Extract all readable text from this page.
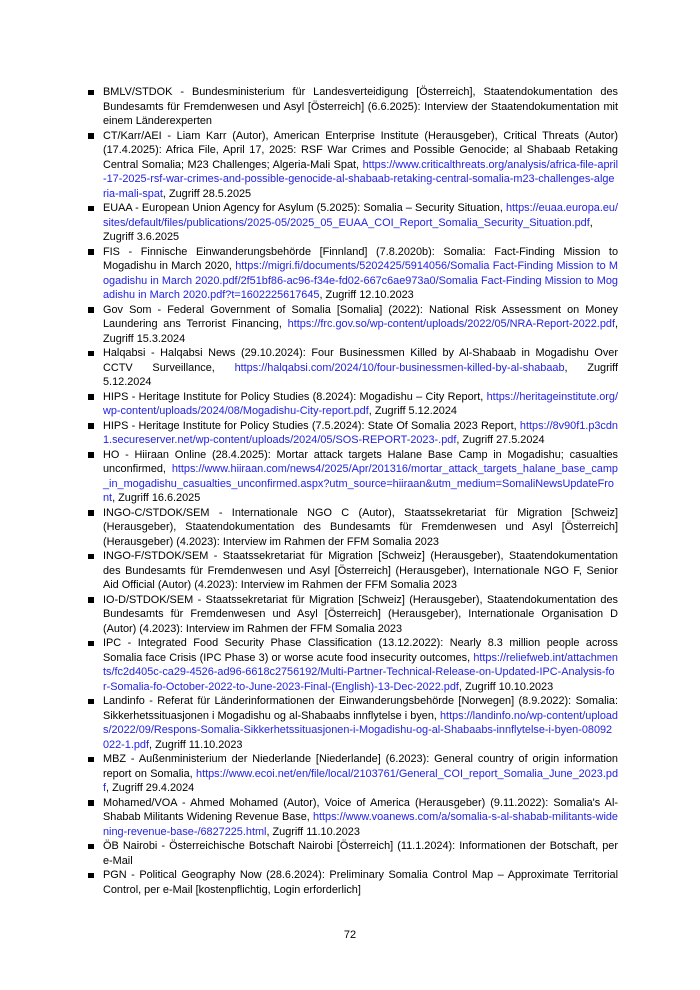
BMLV/STDOK - Bundesministerium für Landesverteidigung [Österreich], Staatendokumentation des Bundesamts für Fremdenwesen und Asyl [Österreich] (6.6.2025): Interview der Staatendokumentation mit einem Länderexperten
CT/Karr/AEI - Liam Karr (Autor), American Enterprise Institute (Herausgeber), Critical Threats (Autor) (17.4.2025): Africa File, April 17, 2025: RSF War Crimes and Possible Genocide; al Shabaab Retaking Central Somalia; M23 Challenges; Algeria-Mali Spat, https://www.criticalthreats.org/analysis/africa-file-april-17-2025-rsf-war-crimes-and-possible-genocide-al-shabaab-retaking-central-somalia-m23-challenges-algeria-mali-spat, Zugriff 28.5.2025
EUAA - European Union Agency for Asylum (5.2025): Somalia – Security Situation, https://euaa.europa.eu/sites/default/files/publications/2025-05/2025_05_EUAA_COI_Report_Somalia_Security_Situation.pdf, Zugriff 3.6.2025
FIS - Finnische Einwanderungsbehörde [Finnland] (7.8.2020b): Somalia: Fact-Finding Mission to Mogadishu in March 2020, https://migri.fi/documents/5202425/5914056/Somalia Fact-Finding Mission to Mogadishu in March 2020.pdf/2f51bf86-ac96-f34e-fd02-667c6ae973a0/Somalia Fact-Finding Mission to Mogadishu in March 2020.pdf?t=1602225617645, Zugriff 12.10.2023
Gov Som - Federal Government of Somalia [Somalia] (2022): National Risk Assessment on Money Laundering ans Terrorist Financing, https://frc.gov.so/wp-content/uploads/2022/05/NRA-Report-2022.pdf, Zugriff 15.3.2024
Halqabsi - Halqabsi News (29.10.2024): Four Businessmen Killed by Al-Shabaab in Mogadishu Over CCTV Surveillance, https://halqabsi.com/2024/10/four-businessmen-killed-by-al-shabaab, Zugriff 5.12.2024
HIPS - Heritage Institute for Policy Studies (8.2024): Mogadishu – City Report, https://heritageinstitute.org/wp-content/uploads/2024/08/Mogadishu-City-report.pdf, Zugriff 5.12.2024
HIPS - Heritage Institute for Policy Studies (7.5.2024): State Of Somalia 2023 Report, https://8v90f1.p3cdn1.secureserver.net/wp-content/uploads/2024/05/SOS-REPORT-2023-.pdf, Zugriff 27.5.2024
HO - Hiiraan Online (28.4.2025): Mortar attack targets Halane Base Camp in Mogadishu; casualties unconfirmed, https://www.hiiraan.com/news4/2025/Apr/201316/mortar_attack_targets_halane_base_camp_in_mogadishu_casualties_unconfirmed.aspx?utm_source=hiiraan&utm_medium=SomaliNewsUpdateFront, Zugriff 16.6.2025
INGO-C/STDOK/SEM - Internationale NGO C (Autor), Staatssekretariat für Migration [Schweiz] (Herausgeber), Staatendokumentation des Bundesamts für Fremdenwesen und Asyl [Österreich] (Herausgeber) (4.2023): Interview im Rahmen der FFM Somalia 2023
INGO-F/STDOK/SEM - Staatssekretariat für Migration [Schweiz] (Herausgeber), Staatendokumentation des Bundesamts für Fremdenwesen und Asyl [Österreich] (Herausgeber), Internationale NGO F, Senior Aid Official (Autor) (4.2023): Interview im Rahmen der FFM Somalia 2023
IO-D/STDOK/SEM - Staatssekretariat für Migration [Schweiz] (Herausgeber), Staatendokumentation des Bundesamts für Fremdenwesen und Asyl [Österreich] (Herausgeber), Internationale Organisation D (Autor) (4.2023): Interview im Rahmen der FFM Somalia 2023
IPC - Integrated Food Security Phase Classification (13.12.2022): Nearly 8.3 million people across Somalia face Crisis (IPC Phase 3) or worse acute food insecurity outcomes, https://reliefweb.int/attachments/fc2d405c-ca29-4526-ad96-6618c2756192/Multi-Partner-Technical-Release-on-Updated-IPC-Analysis-for-Somalia-fo-October-2022-to-June-2023-Final-(English)-13-Dec-2022.pdf, Zugriff 10.10.2023
Landinfo - Referat für Länderinformationen der Einwanderungsbehörde [Norwegen] (8.9.2022): Somalia: Sikkerhetssituasjonen i Mogadishu og al-Shabaabs innflytelse i byen, https://landinfo.no/wp-content/uploads/2022/09/Respons-Somalia-Sikkerhetssituasjonen-i-Mogadishu-og-al-Shabaabs-innflytelse-i-byen-08092022-1.pdf, Zugriff 11.10.2023
MBZ - Außenministerium der Niederlande [Niederlande] (6.2023): General country of origin information report on Somalia, https://www.ecoi.net/en/file/local/2103761/General_COI_report_Somalia_June_2023.pdf, Zugriff 29.4.2024
Mohamed/VOA - Ahmed Mohamed (Autor), Voice of America (Herausgeber) (9.11.2022): Somalia's Al-Shabab Militants Widening Revenue Base, https://www.voanews.com/a/somalia-s-al-shabab-militants-widening-revenue-base-/6827225.html, Zugriff 11.10.2023
ÖB Nairobi - Österreichische Botschaft Nairobi [Österreich] (11.1.2024): Informationen der Botschaft, per e-Mail
PGN - Political Geography Now (28.6.2024): Preliminary Somalia Control Map – Approximate Territorial Control, per e-Mail [kostenpflichtig, Login erforderlich]
72
